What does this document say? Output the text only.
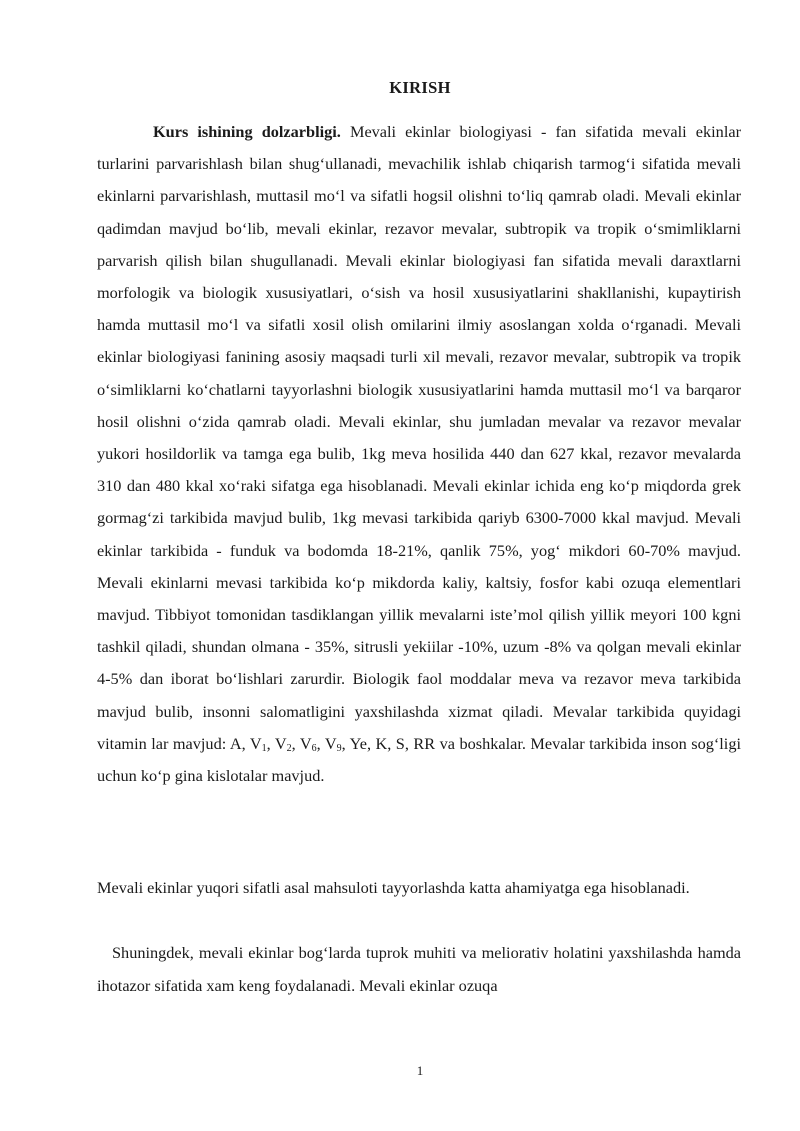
KIRISH
Kurs ishining dolzarbligi. Mevali ekinlar biologiyasi - fan sifatida mevali ekinlar turlarini parvarishlash bilan shug‘ullanadi, mevachilik ishlab chiqarish tarmog‘i sifatida mevali ekinlarni parvarishlash, muttasil mo‘l va sifatli hogsil olishni to‘liq qamrab oladi. Mevali ekinlar qadimdan mavjud bo‘lib, mevali ekinlar, rezavor mevalar, subtropik va tropik o‘smimliklarni parvarish qilish bilan shugullanadi. Mevali ekinlar biologiyasi fan sifatida mevali daraxtlarni morfologik va biologik xususiyatlari, o‘sish va hosil xususiyatlarini shakllanishi, kupaytirish hamda muttasil mo‘l va sifatli xosil olish omilarini ilmiy asoslangan xolda o‘rganadi. Mevali ekinlar biologiyasi fanining asosiy maqsadi turli xil mevali, rezavor mevalar, subtropik va tropik o‘simliklarni ko‘chatlarni tayyorlashni biologik xususiyatlarini hamda muttasil mo‘l va barqaror hosil olishni o‘zida qamrab oladi. Mevali ekinlar, shu jumladan mevalar va rezavor mevalar yukori hosildorlik va tamga ega bulib, 1kg meva hosilida 440 dan 627 kkal, rezavor mevalarda 310 dan 480 kkal xo‘raki sifatga ega hisoblanadi. Mevali ekinlar ichida eng ko‘p miqdorda grek gormag‘zi tarkibida mavjud bulib, 1kg mevasi tarkibida qariyb 6300-7000 kkal mavjud. Mevali ekinlar tarkibida - funduk va bodomda 18-21%, qanlik 75%, yog‘ mikdori 60-70% mavjud. Mevali ekinlarni mevasi tarkibida ko‘p mikdorda kaliy, kaltsiy, fosfor kabi ozuqa elementlari mavjud. Tibbiyot tomonidan tasdiklangan yillik mevalarni iste’mol qilish yillik meyori 100 kgni tashkil qiladi, shundan olmana - 35%, sitrusli yekiilar -10%, uzum -8% va qolgan mevali ekinlar 4-5% dan iborat bo‘lishlari zarurdir. Biologik faol moddalar meva va rezavor meva tarkibida mavjud bulib, insonni salomatligini yaxshilashda xizmat qiladi. Mevalar tarkibida quyidagi vitamin lar mavjud: A, $V_1$, $V_2$, $V_6$, $V_9$, Ye, K, S, RR va boshkalar. Mevalar tarkibida inson sog‘ligi uchun ko‘p gina kislotalar mavjud.
Mevali ekinlar yuqori sifatli asal mahsuloti tayyorlashda katta ahamiyatga ega hisoblanadi.
Shuningdek, mevali ekinlar bog‘larda tuprok muhiti va meliorativ holatini yaxshilashda hamda ihotazor sifatida xam keng foydalanadi. Mevali ekinlar ozuqa
1
